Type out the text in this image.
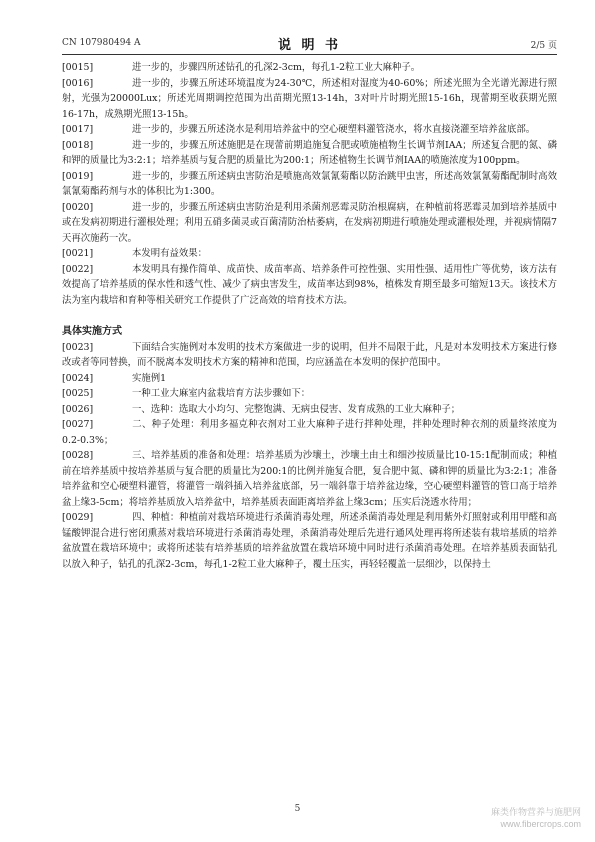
CN 107980494 A	说 明 书	2/5 页
[0015]	进一步的，步骤四所述钻孔的孔深2-3cm，每孔1-2粒工业大麻种子。
[0016]	进一步的，步骤五所述环境温度为24-30℃，所述相对湿度为40-60%；所述光照为全光谱光源进行照射，光强为20000Lux；所述光周期调控范围为出苗期光照13-14h，3对叶片时期光照15-16h，现蕾期至收获期光照16-17h，成熟期光照13-15h。
[0017]	进一步的，步骤五所述浇水是利用培养盆中的空心硬塑料灌管浇水，将水直接浇灌至培养盆底部。
[0018]	进一步的，步骤五所述施肥是在现蕾前期追施复合肥或喷施植物生长调节剂IAA；所述复合肥的氮、磷和钾的质量比为3:2:1；培养基质与复合肥的质量比为200:1；所述植物生长调节剂IAA的喷施浓度为100ppm。
[0019]	进一步的，步骤五所述病虫害防治是喷施高效氯氰菊酯以防治跳甲虫害，所述高效氯氰菊酯配制时高效氯氰菊酯药剂与水的体积比为1:300。
[0020]	进一步的，步骤五所述病虫害防治是利用杀菌剂恶霉灵防治根腐病，在种植前将恶霉灵加到培养基质中或在发病初期进行灌根处理；利用五硝多菌灵或百菌清防治枯萎病，在发病初期进行喷施处理或灌根处理，并视病情隔7天再次施药一次。
[0021]	本发明有益效果：
[0022]	本发明具有操作简单、成苗快、成苗率高、培养条件可控性强、实用性强、适用性广等优势，该方法有效提高了培养基质的保水性和透气性、减少了病虫害发生，成苗率达到98%，植株发育期至最多可缩短13天。该技术方法为室内栽培和育种等相关研究工作提供了广泛高效的培育技术方法。
具体实施方式
[0023]	下面结合实施例对本发明的技术方案做进一步的说明，但并不局限于此，凡是对本发明技术方案进行修改或者等同替换，而不脱离本发明技术方案的精神和范围，均应涵盖在本发明的保护范围中。
[0024]	实施例1
[0025]	一种工业大麻室内盆栽培育方法步骤如下：
[0026]	一、选种：选取大小均匀、完整饱满、无病虫侵害、发育成熟的工业大麻种子；
[0027]	二、种子处理：利用多福克种衣剂对工业大麻种子进行拌种处理，拌种处理时种衣剂的质量终浓度为0.2-0.3%；
[0028]	三、培养基质的准备和处理：培养基质为沙壤土，沙壤土由土和细沙按质量比10-15:1配制而成；种植前在培养基质中按培养基质与复合肥的质量比为200:1的比例并施复合肥，复合肥中氮、磷和钾的质量比为3:2:1；准备培养盆和空心硬塑料灌管，将灌管一端斜插入培养盆底部，另一端斜靠于培养盆边缘，空心硬塑料灌管的管口高于培养盆上缘3-5cm；将培养基质放入培养盆中，培养基质表面距离培养盆上缘3cm；压实后浇透水待用；
[0029]	四、种植：种植前对栽培环境进行杀菌消毒处理，所述杀菌消毒处理是利用紫外灯照射或利用甲醛和高锰酸钾混合进行密闭熏蒸对栽培环境进行杀菌消毒处理，杀菌消毒处理后先进行通风处理再将所述装有栽培基质的培养盆放置在栽培环境中；或将所述装有培养基质的培养盆放置在栽培环境中同时进行杀菌消毒处理。在培养基质表面钻孔以放入种子，钻孔的孔深2-3cm，每孔1-2粒工业大麻种子，覆土压实，再轻轻覆盖一层细沙，以保持土
5	麻类作物营养与施肥网
www.fibercrops.com
